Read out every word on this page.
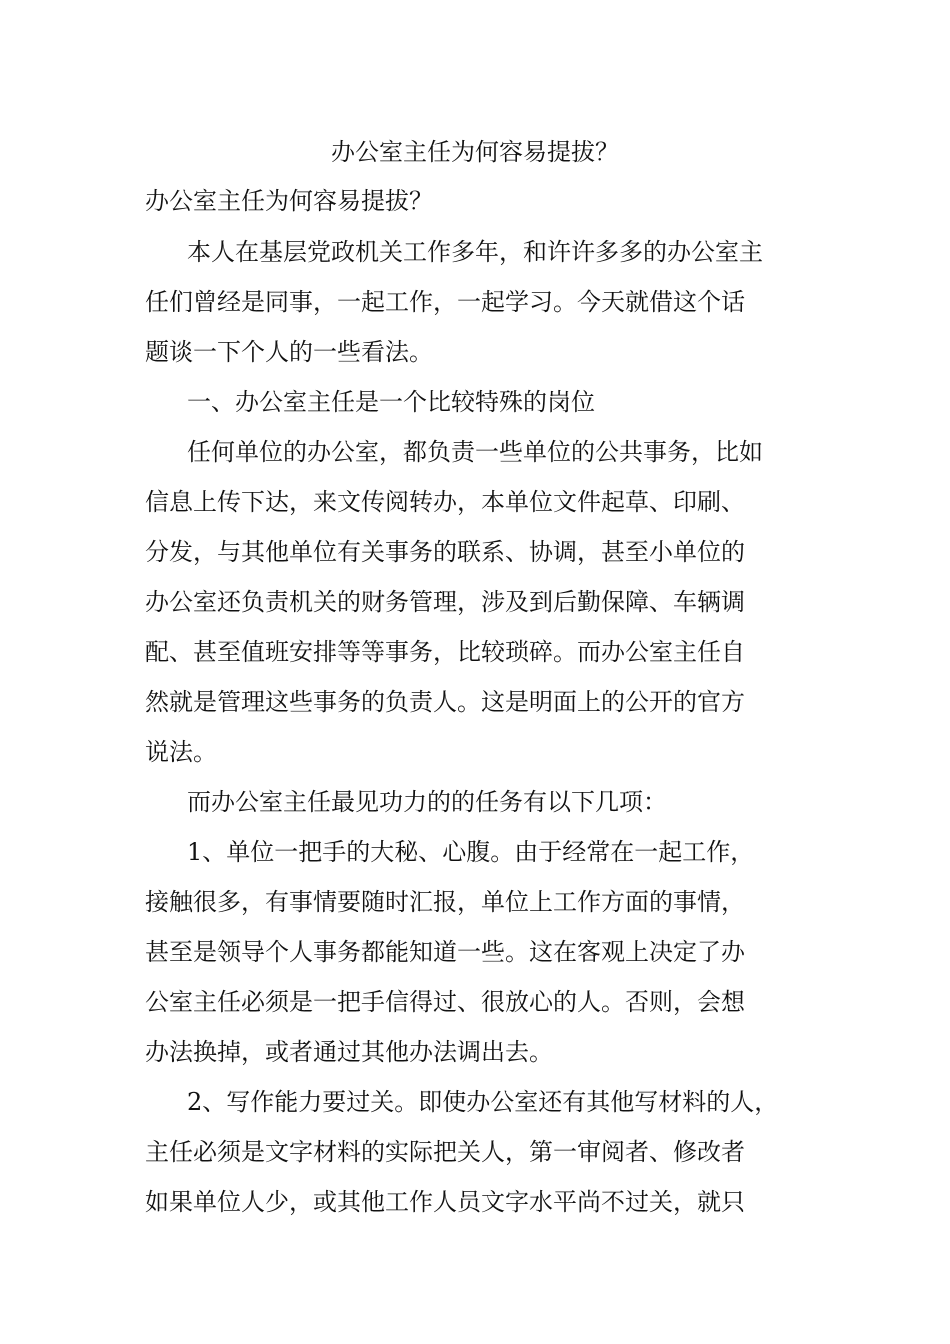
办公室主任为何容易提拔？
办公室主任为何容易提拔？
本人在基层党政机关工作多年，和许许多多的办公室主
任们曾经是同事，一起工作，一起学习。今天就借这个话
题谈一下个人的一些看法。
一、办公室主任是一个比较特殊的岗位
任何单位的办公室，都负责一些单位的公共事务，比如
信息上传下达，来文传阅转办，本单位文件起草、印刷、
分发，与其他单位有关事务的联系、协调，甚至小单位的
办公室还负责机关的财务管理，涉及到后勤保障、车辆调
配、甚至值班安排等等事务，比较琐碎。而办公室主任自
然就是管理这些事务的负责人。这是明面上的公开的官方
说法。
而办公室主任最见功力的的任务有以下几项：
1、单位一把手的大秘、心腹。由于经常在一起工作，
接触很多，有事情要随时汇报，单位上工作方面的事情，
甚至是领导个人事务都能知道一些。这在客观上决定了办
公室主任必须是一把手信得过、很放心的人。否则，会想
办法换掉，或者通过其他办法调出去。
2、写作能力要过关。即使办公室还有其他写材料的人，
主任必须是文字材料的实际把关人，第一审阅者、修改者
如果单位人少，或其他工作人员文字水平尚不过关，就只
